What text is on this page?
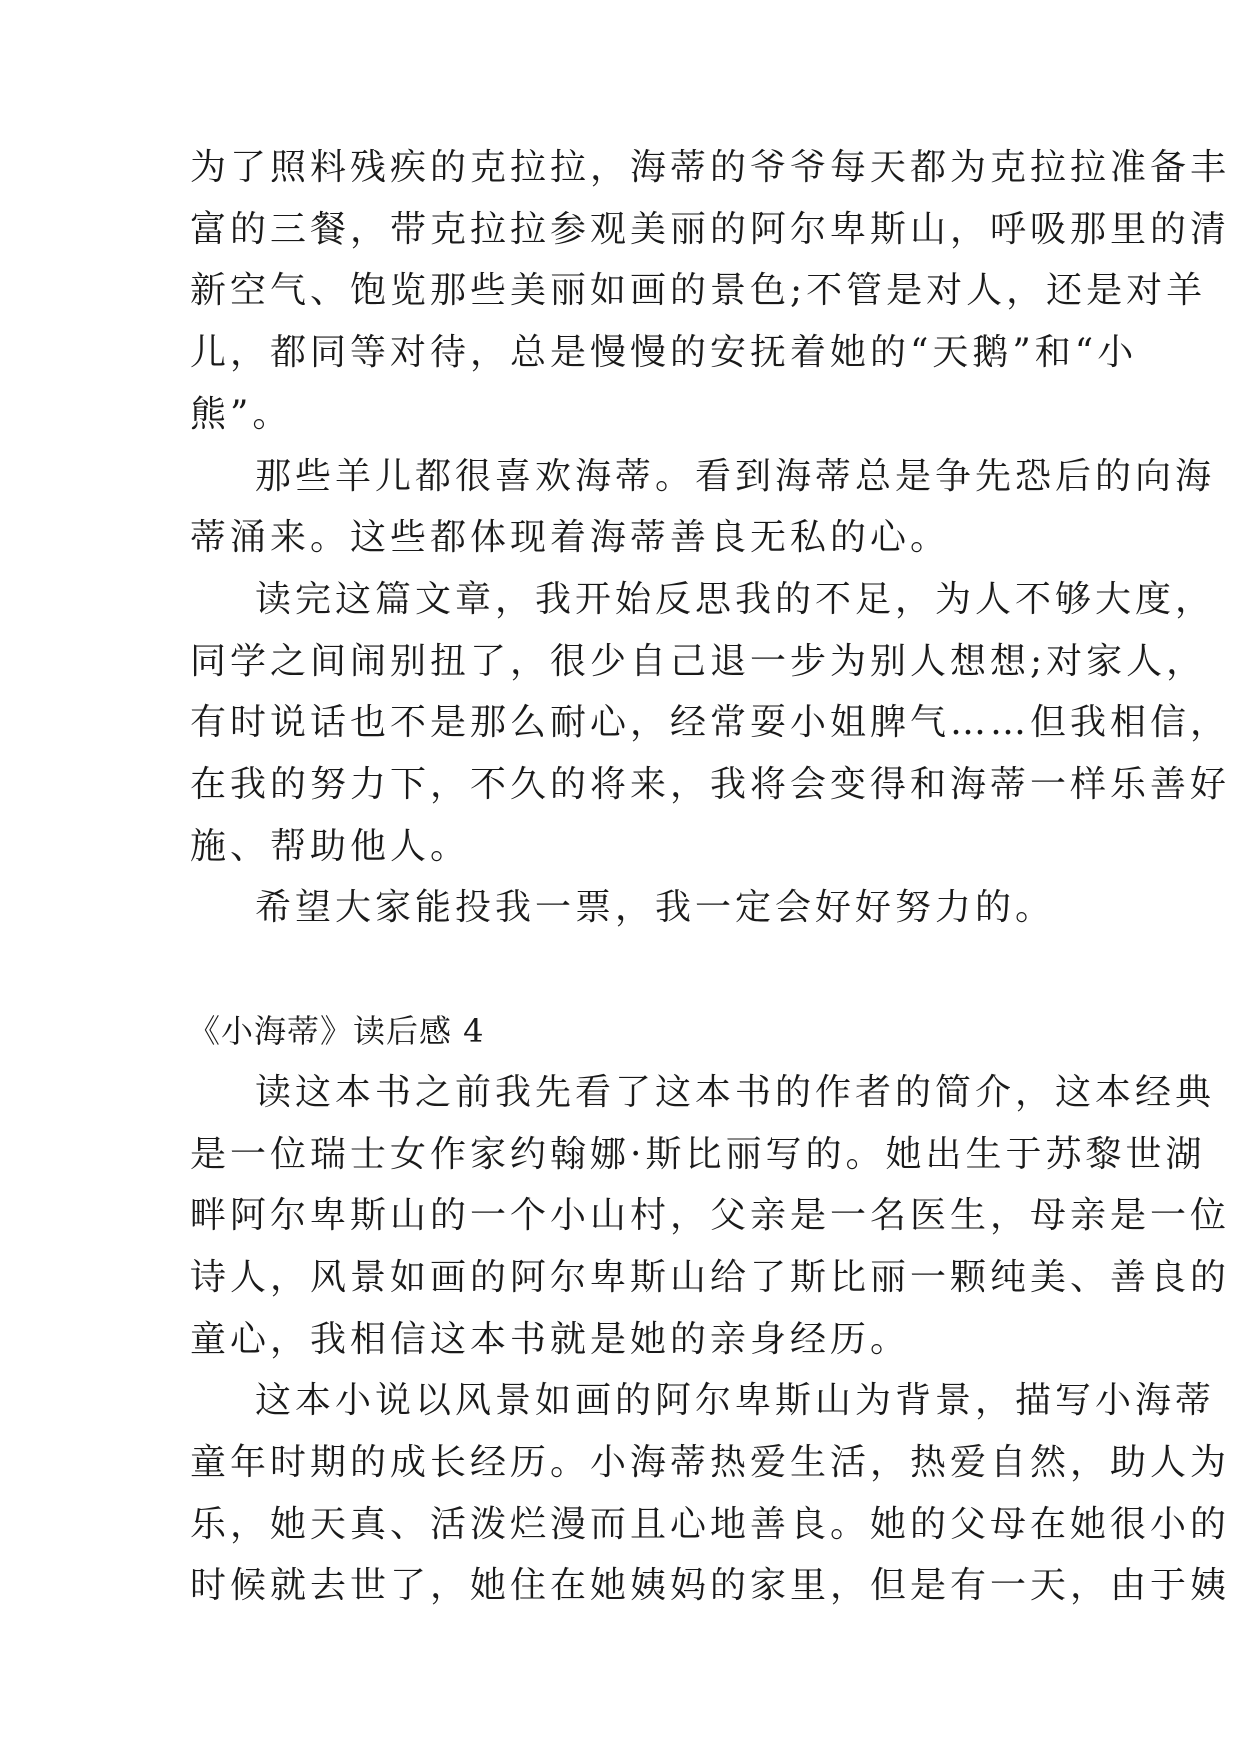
为了照料残疾的克拉拉，海蒂的爷爷每天都为克拉拉准备丰
富的三餐，带克拉拉参观美丽的阿尔卑斯山，呼吸那里的清
新空气、饱览那些美丽如画的景色;不管是对人，还是对羊
儿，都同等对待，总是慢慢的安抚着她的“天鹅”和“小
熊”。
那些羊儿都很喜欢海蒂。看到海蒂总是争先恐后的向海
蒂涌来。这些都体现着海蒂善良无私的心。
读完这篇文章，我开始反思我的不足，为人不够大度，
同学之间闹别扭了，很少自己退一步为别人想想;对家人，
有时说话也不是那么耐心，经常耍小姐脾气……但我相信，
在我的努力下，不久的将来，我将会变得和海蒂一样乐善好
施、帮助他人。
希望大家能投我一票，我一定会好好努力的。
《小海蒂》读后感 4
读这本书之前我先看了这本书的作者的简介，这本经典
是一位瑞士女作家约翰娜·斯比丽写的。她出生于苏黎世湖
畔阿尔卑斯山的一个小山村，父亲是一名医生，母亲是一位
诗人，风景如画的阿尔卑斯山给了斯比丽一颗纯美、善良的
童心，我相信这本书就是她的亲身经历。
这本小说以风景如画的阿尔卑斯山为背景，描写小海蒂
童年时期的成长经历。小海蒂热爱生活，热爱自然，助人为
乐，她天真、活泼烂漫而且心地善良。她的父母在她很小的
时候就去世了，她住在她姨妈的家里，但是有一天，由于姨
